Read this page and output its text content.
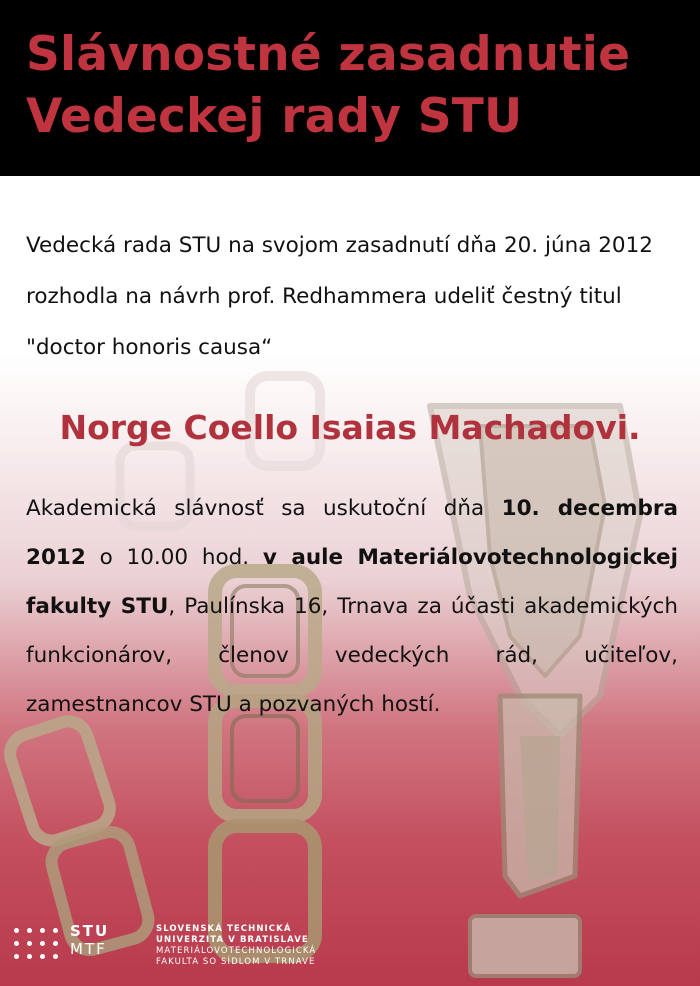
Slávnostné zasadnutie
Vedeckej rady STU
Vedecká rada STU na svojom zasadnutí dňa 20. júna 2012
rozhodla na návrh prof. Redhammera udeliť čestný titul
"doctor honoris causa“
Norge Coello Isaias Machadovi.
Akademická slávnosť sa uskutoční dňa 10. decembra 2012 o 10.00 hod. v aule Materiálovotechnologickej fakulty STU, Paulínska 16, Trnava za účasti akademických funkcionárov, členov vedeckých rád, učiteľov, zamestnancov STU a pozvaných hostí.
STU
MTF
SLOVENSKÁ TECHNICKÁ
UNIVERZITA V BRATISLAVE
MATERIÁLOVOTECHNOLOGICKÁ
FAKULTA SO SÍDLOM V TRNAVE
